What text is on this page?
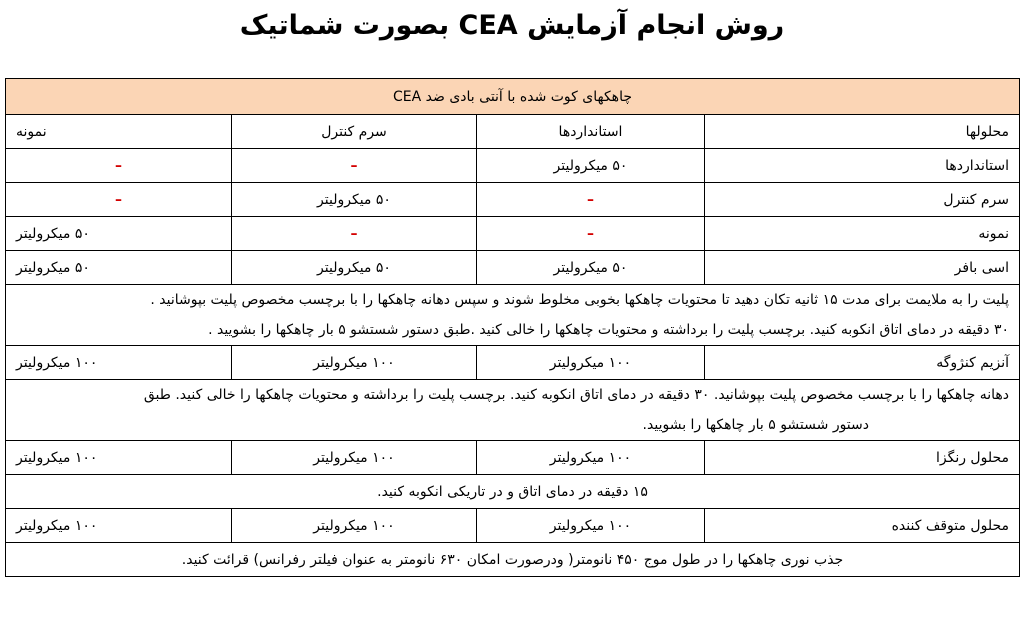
روش انجام آزمایش CEA بصورت شماتیک
چاهکهای کوت شده با آنتی بادی ضد CEA			
محلولها	استانداردها	سرم کنترل	نمونه
استانداردها	۵۰ میکرولیتر	–	–
سرم کنترل	–	۵۰ میکرولیتر	–
نمونه	–	–	۵۰ میکرولیتر
اسی بافر	۵۰ میکرولیتر	۵۰ میکرولیتر	۵۰ میکرولیتر

پلیت را به ملایمت برای مدت ۱۵ ثانیه تکان دهید تا محتویات چاهکها بخوبی مخلوط شوند و سپس دهانه چاهکها را با برچسب مخصوص پلیت بپوشانید .
۳۰ دقیقه در دمای اتاق انکوبه کنید. برچسب پلیت را برداشته و محتویات چاهکها را خالی کنید .طبق دستور شستشو ۵ بار چاهکها را بشویید .			

آنزیم کنژوگه	۱۰۰ میکرولیتر	۱۰۰ میکرولیتر	۱۰۰ میکرولیتر

دهانه چاهکها را با برچسب مخصوص پلیت بپوشانید. ۳۰ دقیقه در دمای اتاق انکوبه کنید. برچسب پلیت را برداشته و محتویات چاهکها را خالی کنید. طبق
دستور شستشو ۵ بار چاهکها را بشویید.			

محلول رنگزا	۱۰۰ میکرولیتر	۱۰۰ میکرولیتر	۱۰۰ میکرولیتر
۱۵ دقیقه در دمای اتاق و در تاریکی انکوبه کنید.			
محلول متوقف کننده	۱۰۰ میکرولیتر	۱۰۰ میکرولیتر	۱۰۰ میکرولیتر
جذب نوری چاهکها را در طول موج ۴۵۰ نانومتر( ودرصورت امکان ۶۳۰ نانومتر به عنوان فیلتر رفرانس) قرائت کنید.			
